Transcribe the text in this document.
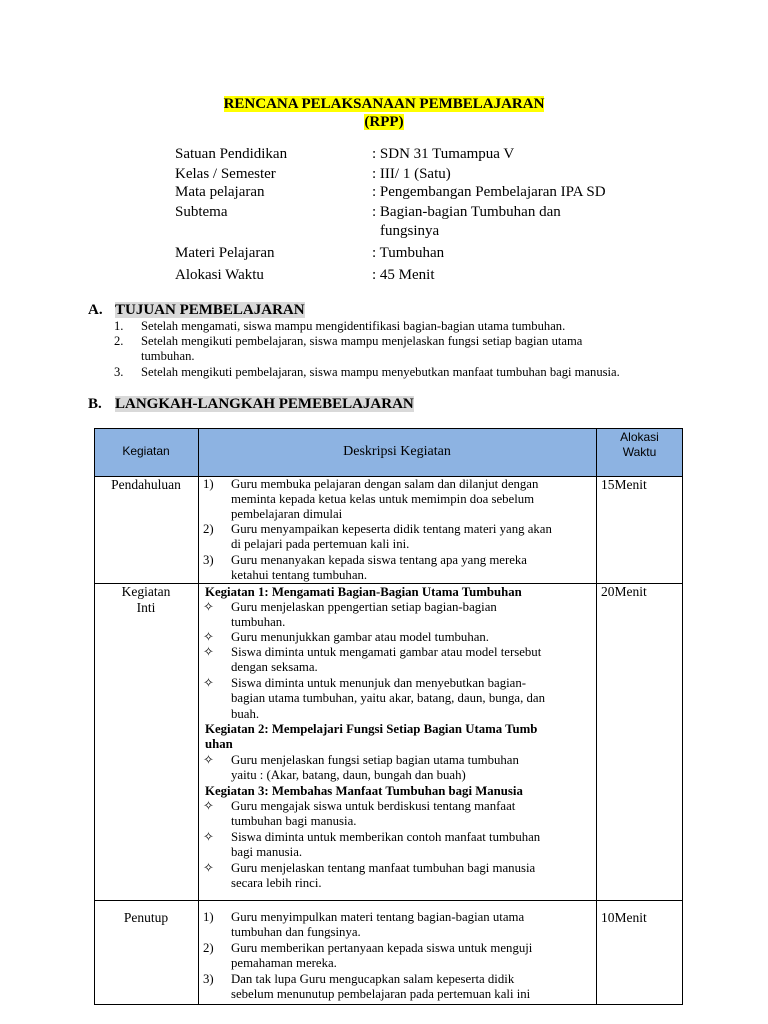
RENCANA PELAKSANAAN PEMBELAJARAN
(RPP)
Satuan Pendidikan	: SDN 31 Tumampua V
Kelas / Semester	: III/ 1 (Satu)
Mata pelajaran	: Pengembangan Pembelajaran IPA SD
Subtema	: Bagian-bagian Tumbuhan dan
fungsinya
Materi Pelajaran	: Tumbuhan
Alokasi Waktu	: 45 Menit
A. TUJUAN PEMBELAJARAN
1. Setelah mengamati, siswa mampu mengidentifikasi bagian-bagian utama tumbuhan.
2. Setelah mengikuti pembelajaran, siswa mampu menjelaskan fungsi setiap bagian utama
tumbuhan.
3. Setelah mengikuti pembelajaran, siswa mampu menyebutkan manfaat tumbuhan bagi manusia.
B. LANGKAH-LANGKAH PEMEBELAJARAN
Kegiatan	Deskripsi Kegiatan
Alokasi
Waktu
Pendahuluan	15Menit
1) Guru membuka pelajaran dengan salam dan dilanjut dengan
meminta kepada ketua kelas untuk memimpin doa sebelum
pembelajaran dimulai
2) Guru menyampaikan kepeserta didik tentang materi yang akan
di pelajari pada pertemuan kali ini.
3) Guru menanyakan kepada siswa tentang apa yang mereka
ketahui tentang tumbuhan.
Kegiatan
Inti
20Menit
Kegiatan 1: Mengamati Bagian-Bagian Utama Tumbuhan
✧ Guru menjelaskan ppengertian setiap bagian-bagian
tumbuhan.
✧ Guru menunjukkan gambar atau model tumbuhan.
✧ Siswa diminta untuk mengamati gambar atau model tersebut
dengan seksama.
✧ Siswa diminta untuk menunjuk dan menyebutkan bagian-
bagian utama tumbuhan, yaitu akar, batang, daun, bunga, dan
buah.
Kegiatan 2: Mempelajari Fungsi Setiap Bagian Utama Tumb
uhan
✧ Guru menjelaskan fungsi setiap bagian utama tumbuhan
yaitu : (Akar, batang, daun, bungah dan buah)
Kegiatan 3: Membahas Manfaat Tumbuhan bagi Manusia
✧ Guru mengajak siswa untuk berdiskusi tentang manfaat
tumbuhan bagi manusia.
✧ Siswa diminta untuk memberikan contoh manfaat tumbuhan
bagi manusia.
✧ Guru menjelaskan tentang manfaat tumbuhan bagi manusia
secara lebih rinci.
Penutup	10Menit
1) Guru menyimpulkan materi tentang bagian-bagian utama
tumbuhan dan fungsinya.
2) Guru memberikan pertanyaan kepada siswa untuk menguji
pemahaman mereka.
3) Dan tak lupa Guru mengucapkan salam kepeserta didik
sebelum menunutup pembelajaran pada pertemuan kali ini
